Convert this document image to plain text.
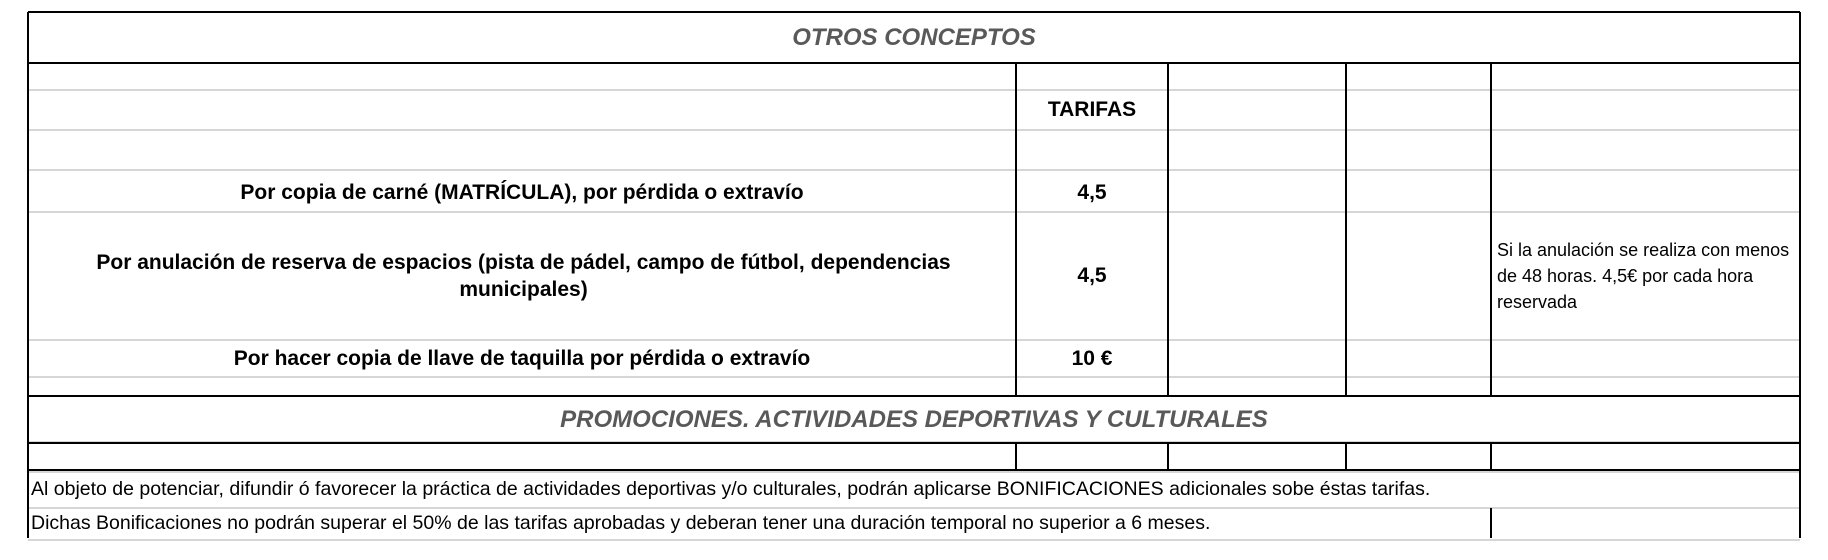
OTROS CONCEPTOS
TARIFAS
Por copia de carné (MATRÍCULA), por pérdida o extravío	4,5
Por anulación de reserva de espacios (pista de pádel, campo de fútbol, dependencias municipales)
4,5
Si la anulación se realiza con menos de 48 horas. 4,5€ por cada hora reservada
Por hacer copia de llave de taquilla por pérdida o extravío	10 €
PROMOCIONES. ACTIVIDADES DEPORTIVAS Y CULTURALES
Al objeto de potenciar, difundir ó favorecer la práctica de actividades deportivas y/o culturales, podrán aplicarse BONIFICACIONES adicionales sobe éstas tarifas.
Dichas Bonificaciones no podrán superar el 50% de las tarifas aprobadas y deberan tener una duración temporal no superior a 6 meses.
